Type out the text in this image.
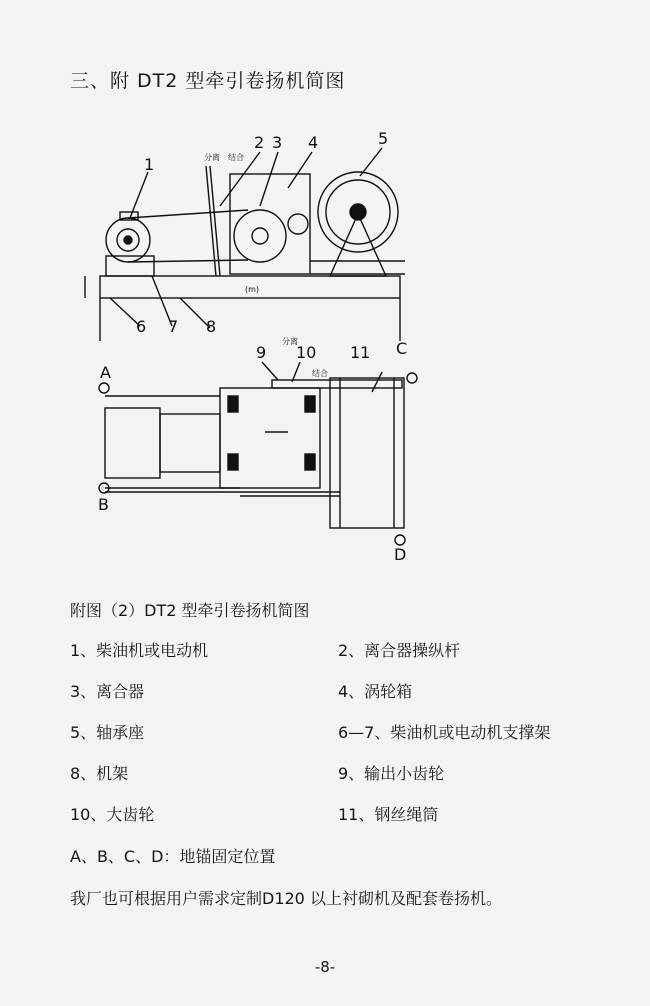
三、附 DT2 型牵引卷扬机简图
1
2 3 4	5
6 7 8
9 10 11
A
B
C
D
分离 结合
分离
结合
(m)
附图（2）DT2 型牵引卷扬机简图
1、柴油机或电动机	2、离合器操纵杆
3、离合器	4、涡轮箱
5、轴承座	6—7、柴油机或电动机支撑架
8、机架	9、输出小齿轮
10、大齿轮	11、钢丝绳筒
A、B、C、D：地锚固定位置
我厂也可根据用户需求定制D120 以上衬砌机及配套卷扬机。
-8-
